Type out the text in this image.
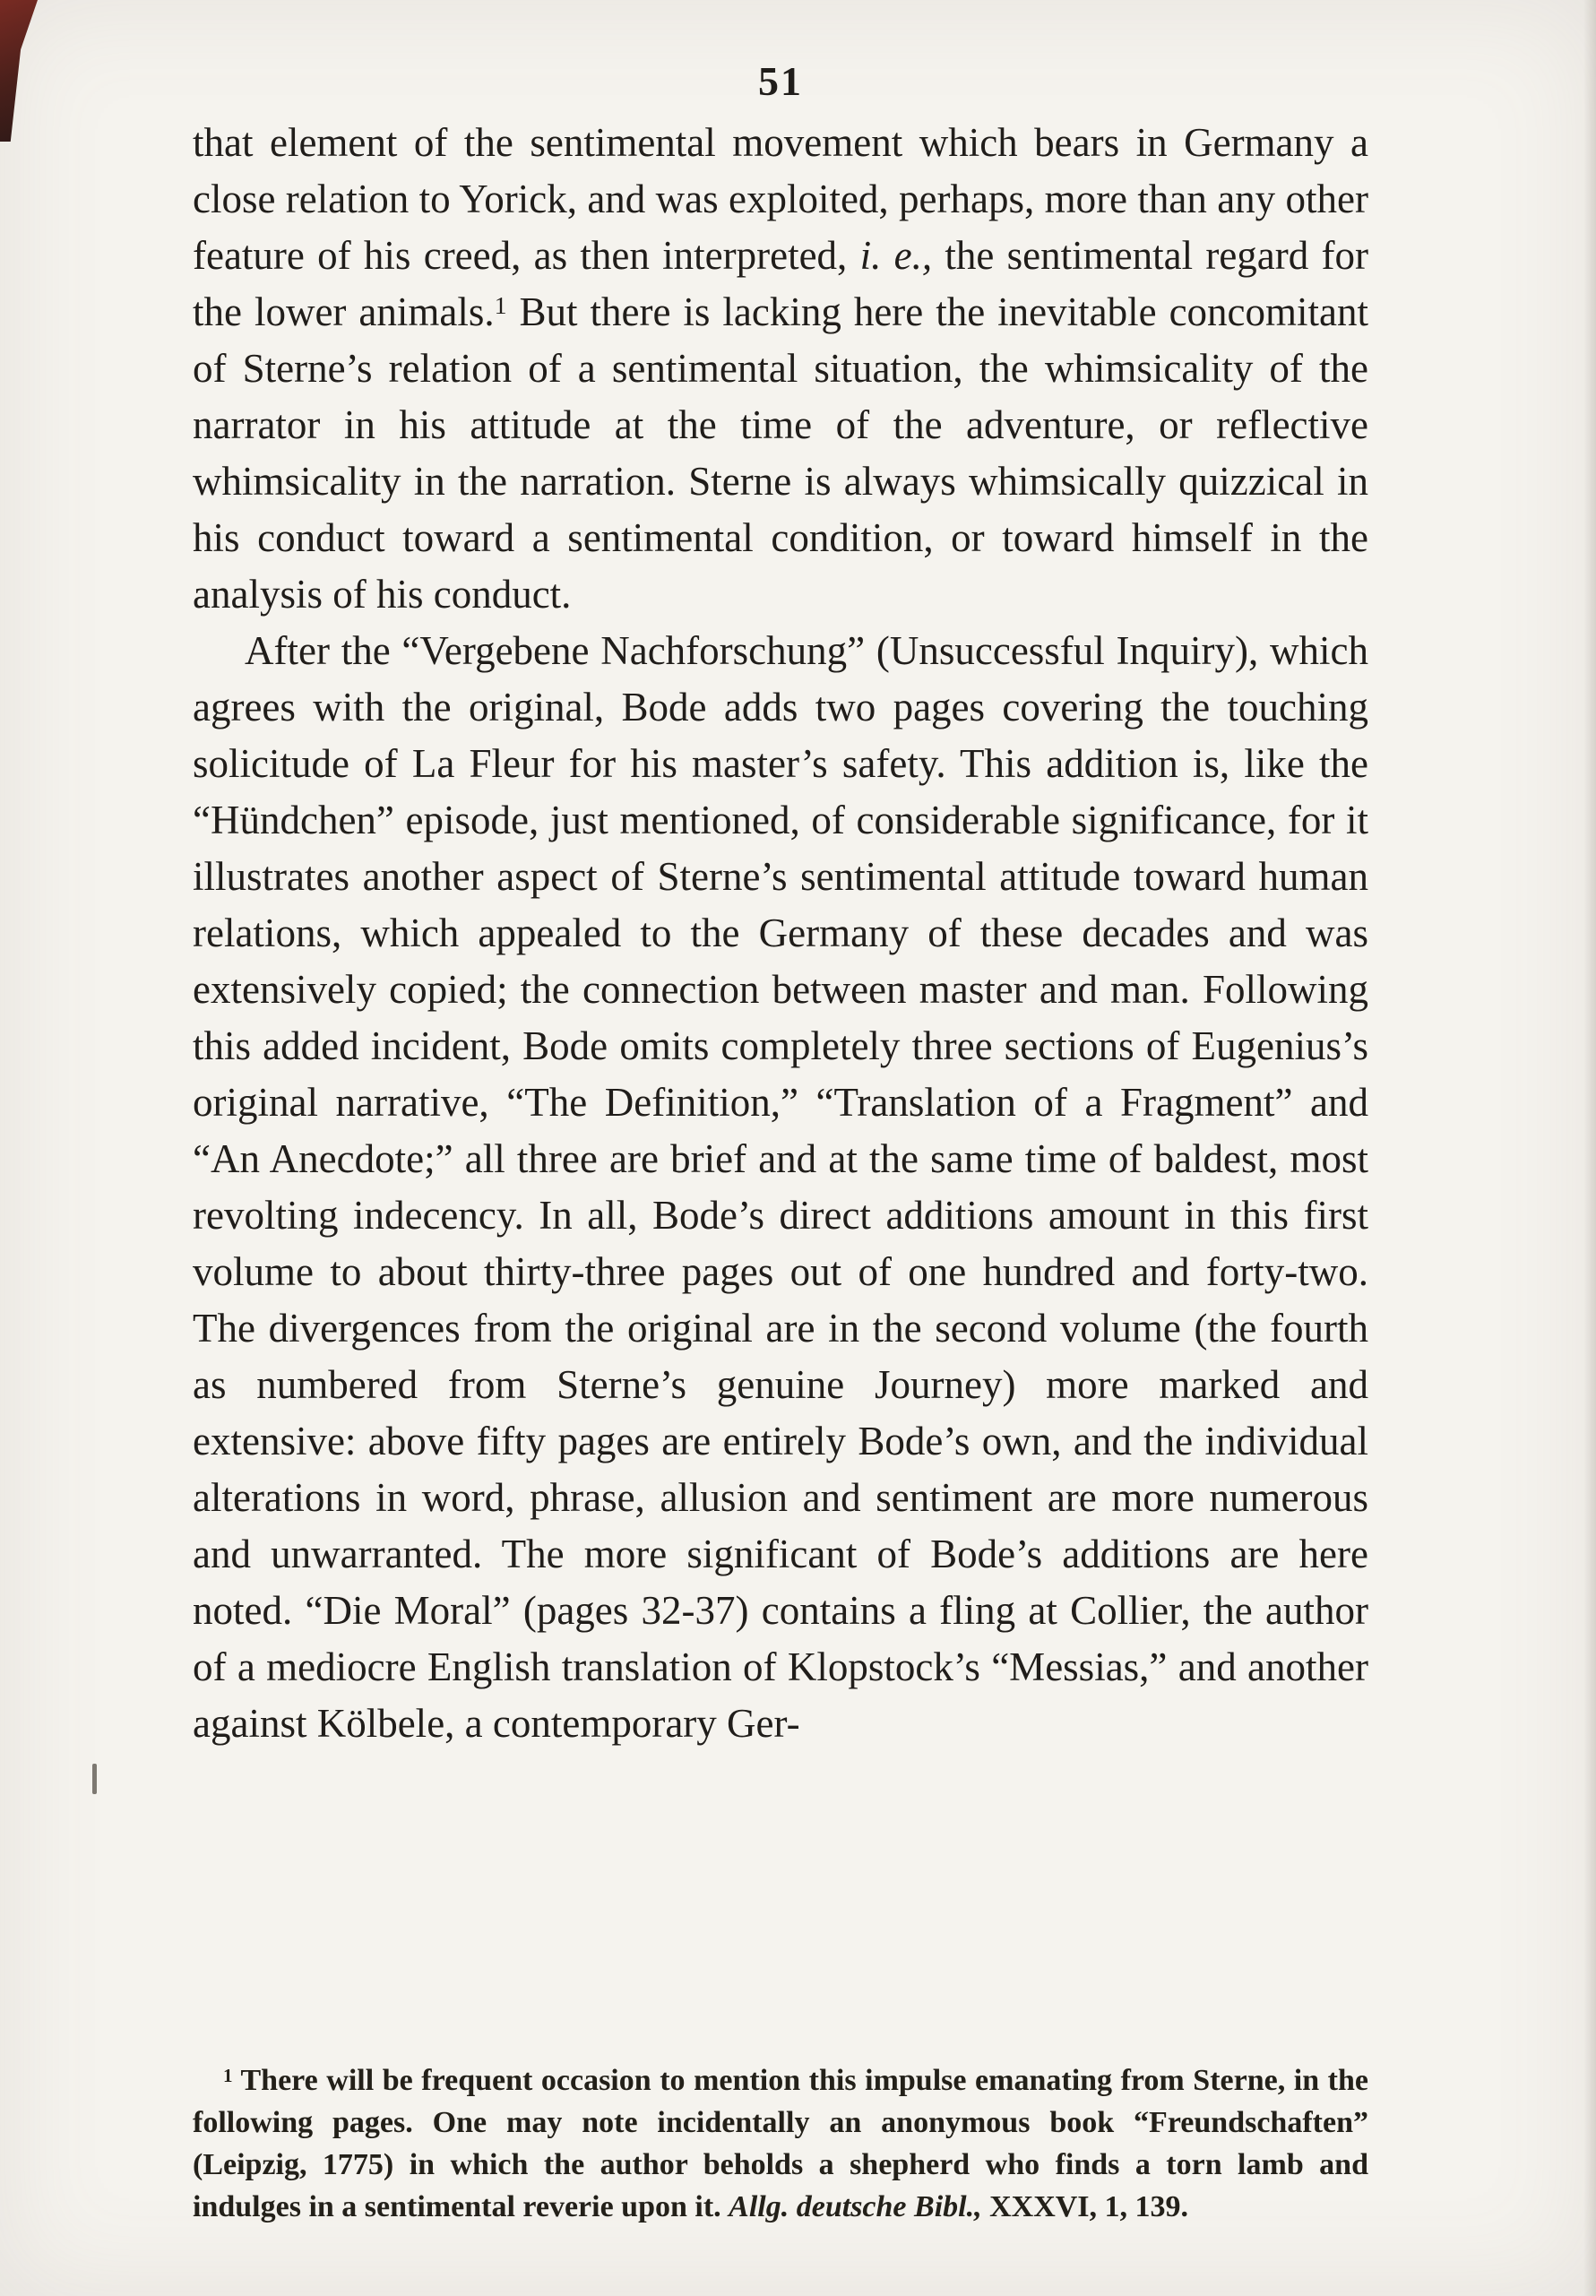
51

that element of the sentimental movement which bears in Germany a close relation to Yorick, and was exploited, perhaps, more than any other feature of his creed, as then interpreted, i. e., the sentimental regard for the lower animals.$^1$ But there is lacking here the inevitable concomitant of Sterne’s relation of a sentimental situation, the whimsicality of the narrator in his attitude at the time of the adventure, or reflective whimsicality in the narration. Sterne is always whimsically quizzical in his conduct toward a sentimental condition, or toward himself in the analysis of his conduct.

After the “Vergebene Nachforschung” (Unsuccessful Inquiry), which agrees with the original, Bode adds two pages covering the touching solicitude of La Fleur for his master’s safety. This addition is, like the “Hündchen” episode, just mentioned, of considerable significance, for it illustrates another aspect of Sterne’s sentimental attitude toward human relations, which appealed to the Germany of these decades and was extensively copied; the connection between master and man. Following this added incident, Bode omits completely three sections of Eugenius’s original narrative, “The Definition,” “Translation of a Fragment” and “An Anecdote;” all three are brief and at the same time of baldest, most revolting indecency. In all, Bode’s direct additions amount in this first volume to about thirty-three pages out of one hundred and forty-two. The divergences from the original are in the second volume (the fourth as numbered from Sterne’s genuine Journey) more marked and extensive: above fifty pages are entirely Bode’s own, and the individual alterations in word, phrase, allusion and sentiment are more numerous and unwarranted. The more significant of Bode’s additions are here noted. “Die Moral” (pages 32-37) contains a fling at Collier, the author of a mediocre English translation of Klopstock’s “Messias,” and another against Kölbele, a contemporary Ger-

$^1$ There will be frequent occasion to mention this impulse emanating from Sterne, in the following pages. One may note incidentally an anonymous book “Freundschaften” (Leipzig, 1775) in which the author beholds a shepherd who finds a torn lamb and indulges in a sentimental reverie upon it. Allg. deutsche Bibl., XXXVI, 1, 139.
